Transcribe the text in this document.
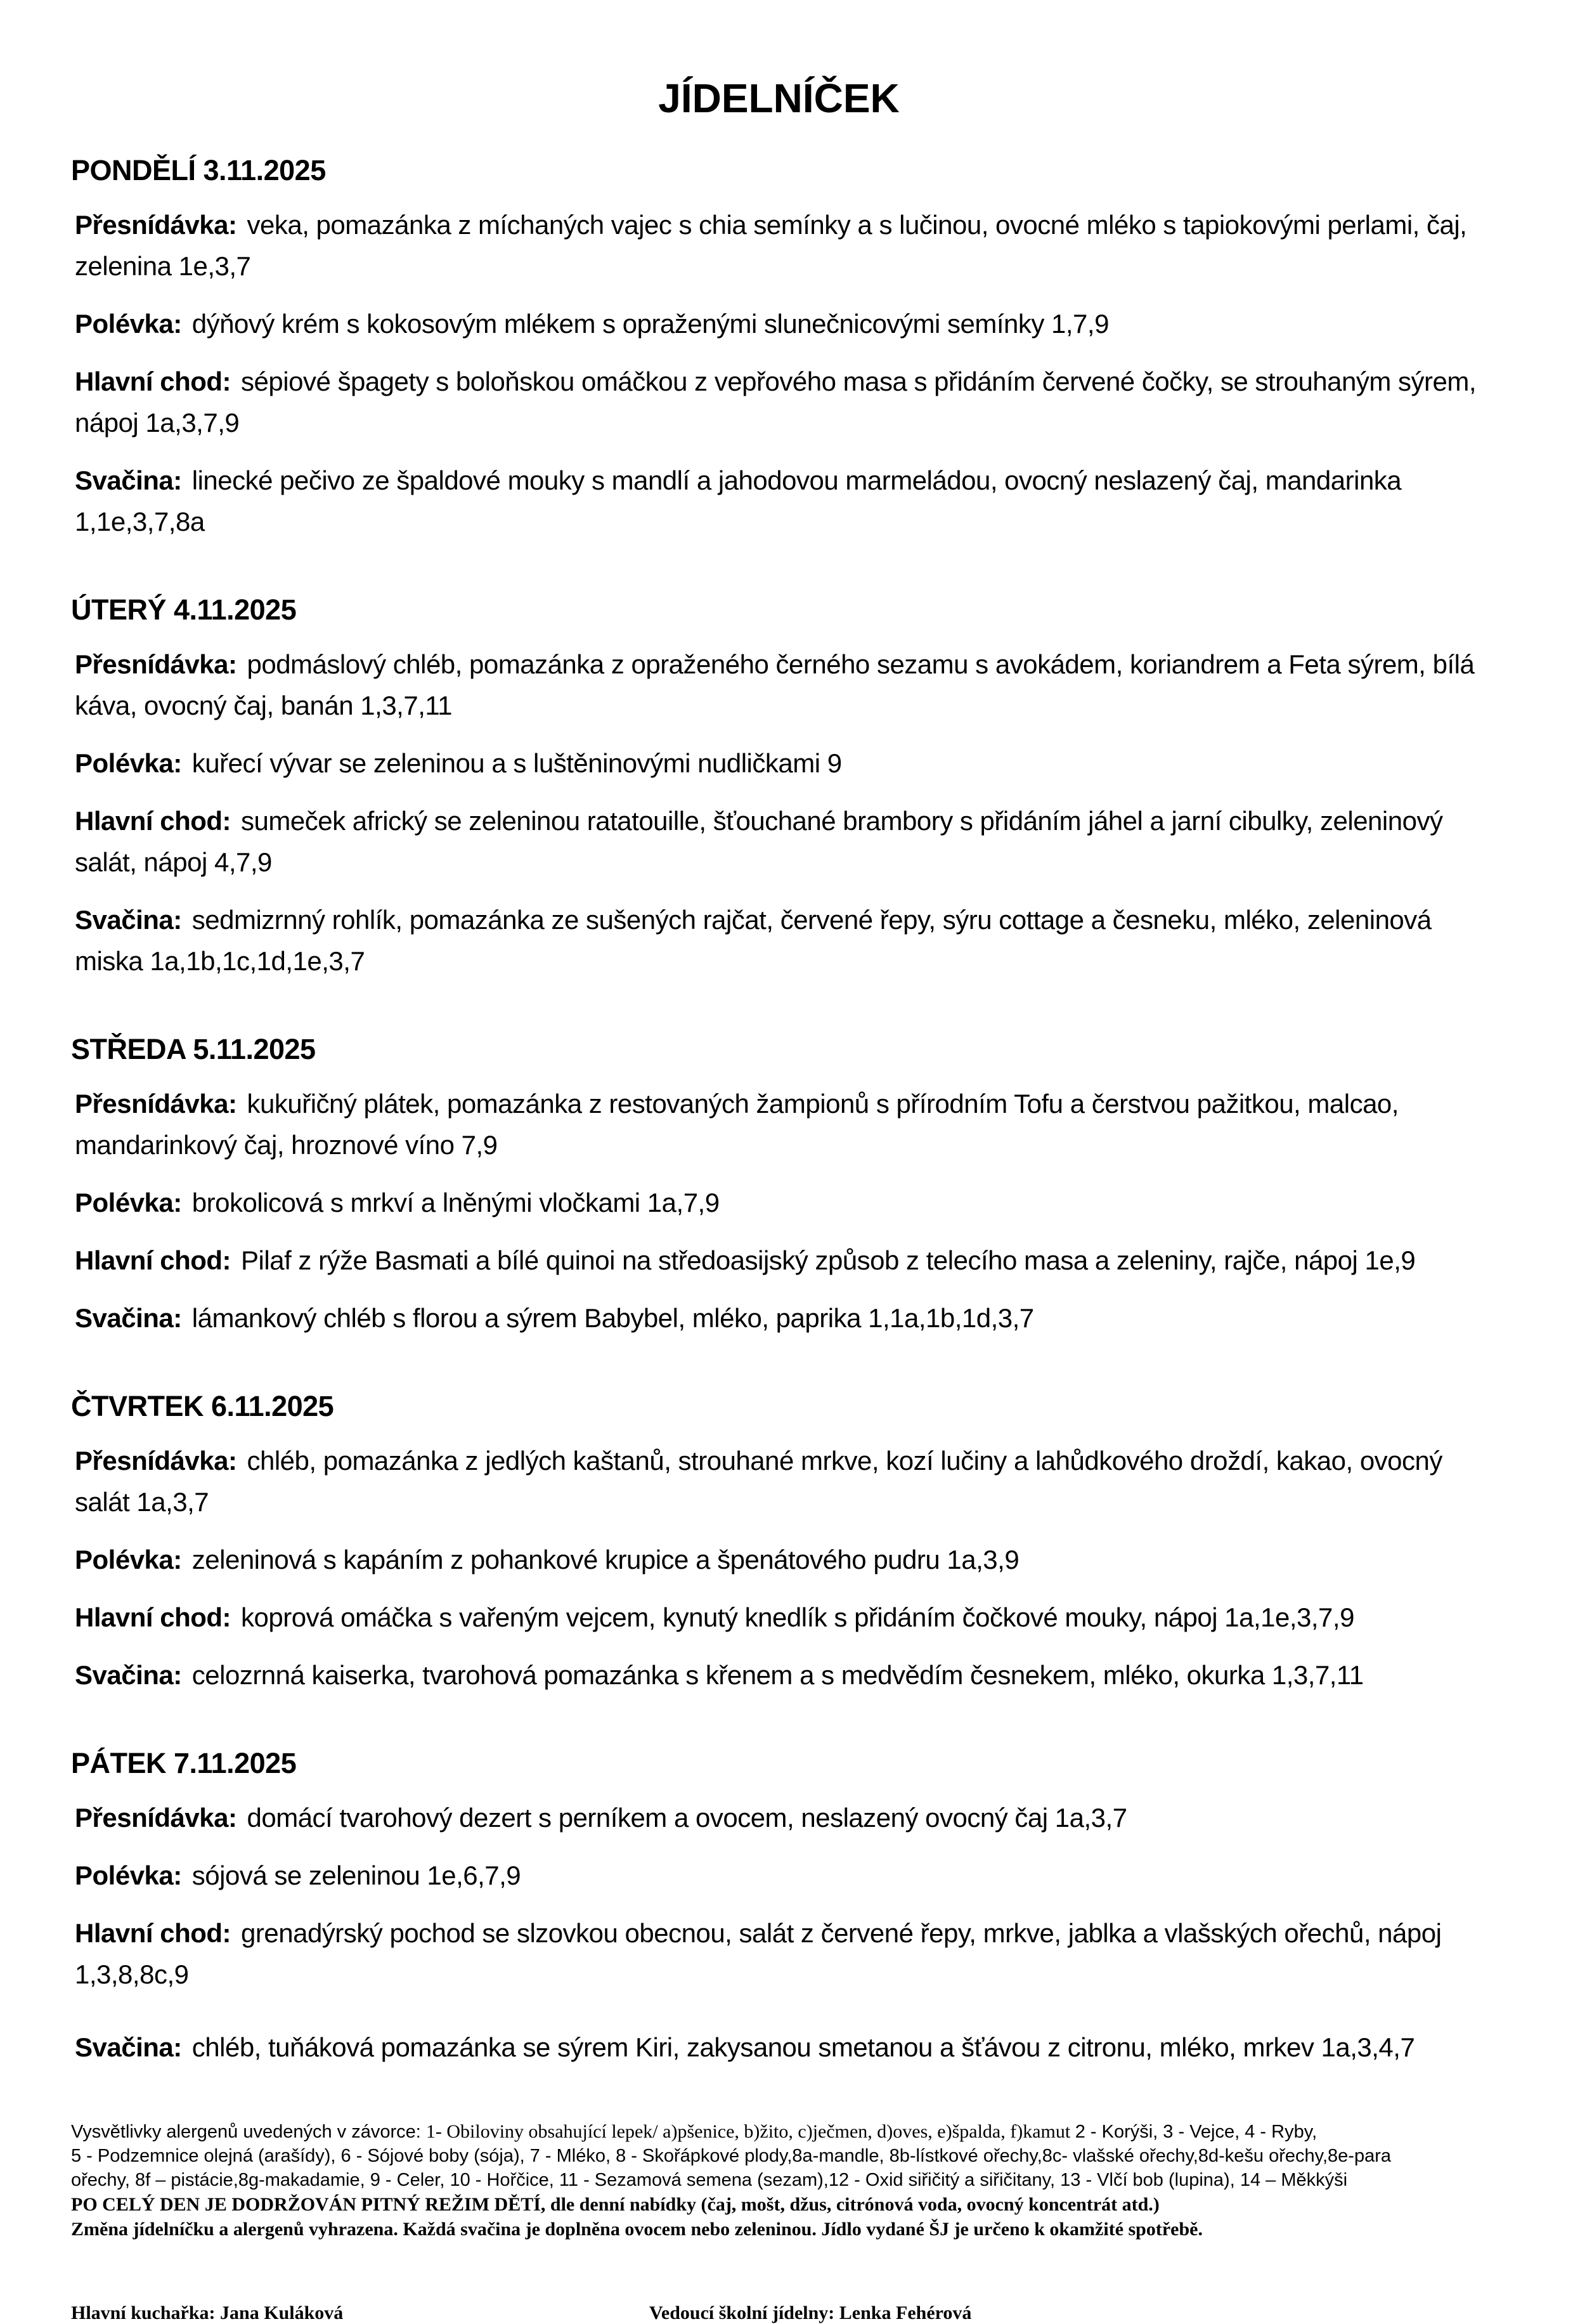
JÍDELNÍČEK
PONDĚLÍ 3.11.2025
Přesnídávka: veka, pomazánka z míchaných vajec s chia semínky a s lučinou, ovocné mléko s tapiokovými perlami, čaj, zelenina 1e,3,7
Polévka: dýňový krém s kokosovým mlékem s opraženými slunečnicovými semínky 1,7,9
Hlavní chod: sépiové špagety s boloňskou omáčkou z vepřového masa s přidáním červené čočky, se strouhaným sýrem, nápoj 1a,3,7,9
Svačina: linecké pečivo ze špaldové mouky s mandlí a jahodovou marmeládou, ovocný neslazený čaj, mandarinka 1,1e,3,7,8a
ÚTERÝ 4.11.2025
Přesnídávka: podmáslový chléb, pomazánka z opraženého černého sezamu s avokádem, koriandrem a Feta sýrem, bílá káva, ovocný čaj, banán 1,3,7,11
Polévka: kuřecí vývar se zeleninou a s luštěninovými nudličkami 9
Hlavní chod: sumeček africký se zeleninou ratatouille, šťouchané brambory s přidáním jáhel a jarní cibulky, zeleninový salát, nápoj 4,7,9
Svačina: sedmizrnný rohlík, pomazánka ze sušených rajčat, červené řepy, sýru cottage a česneku, mléko, zeleninová miska 1a,1b,1c,1d,1e,3,7
STŘEDA 5.11.2025
Přesnídávka: kukuřičný plátek, pomazánka z restovaných žampionů s přírodním Tofu a čerstvou pažitkou, malcao, mandarinkový čaj, hroznové víno 7,9
Polévka: brokolicová s mrkví a lněnými vločkami 1a,7,9
Hlavní chod: Pilaf z rýže Basmati a bílé quinoi na středoasijský způsob z telecího masa a zeleniny, rajče, nápoj 1e,9
Svačina: lámankový chléb s florou a sýrem Babybel, mléko, paprika 1,1a,1b,1d,3,7
ČTVRTEK 6.11.2025
Přesnídávka: chléb, pomazánka z jedlých kaštanů, strouhané mrkve, kozí lučiny a lahůdkového droždí, kakao, ovocný salát 1a,3,7
Polévka: zeleninová s kapáním z pohankové krupice a špenátového pudru 1a,3,9
Hlavní chod: koprová omáčka s vařeným vejcem, kynutý knedlík s přidáním čočkové mouky, nápoj 1a,1e,3,7,9
Svačina: celozrnná kaiserka, tvarohová pomazánka s křenem a s medvědím česnekem, mléko, okurka 1,3,7,11
PÁTEK 7.11.2025
Přesnídávka: domácí tvarohový dezert s perníkem a ovocem, neslazený ovocný čaj 1a,3,7
Polévka: sójová se zeleninou 1e,6,7,9
Hlavní chod: grenadýrský pochod se slzovkou obecnou, salát z červené řepy, mrkve, jablka a vlašských ořechů, nápoj 1,3,8,8c,9
Svačina: chléb, tuňáková pomazánka se sýrem Kiri, zakysanou smetanou a šťávou z citronu, mléko, mrkev 1a,3,4,7
Vysvětlivky alergenů uvedených v závorce: 1- Obiloviny obsahující lepek/ a)pšenice, b)žito, c)ječmen, d)oves, e)špalda, f)kamut 2 - Korýši, 3 - Vejce, 4 - Ryby,
5 - Podzemnice olejná (arašídy), 6 - Sójové boby (sója), 7 - Mléko, 8 - Skořápkové plody,8a-mandle, 8b-lístkové ořechy,8c- vlašské ořechy,8d-kešu ořechy,8e-para
ořechy, 8f – pistácie,8g-makadamie, 9 - Celer, 10 - Hořčice, 11 - Sezamová semena (sezam),12 - Oxid siřičitý a siřičitany, 13 - Vlčí bob (lupina), 14 – Měkkýši
PO CELÝ DEN JE DODRŽOVÁN PITNÝ REŽIM DĚTÍ, dle denní nabídky (čaj, mošt, džus, citrónová voda, ovocný koncentrát atd.)
Změna jídelníčku a alergenů vyhrazena. Každá svačina je doplněna ovocem nebo zeleninou. Jídlo vydané ŠJ je určeno k okamžité spotřebě.
Hlavní kuchařka: Jana Kuláková	Vedoucí školní jídelny: Lenka Fehérová
